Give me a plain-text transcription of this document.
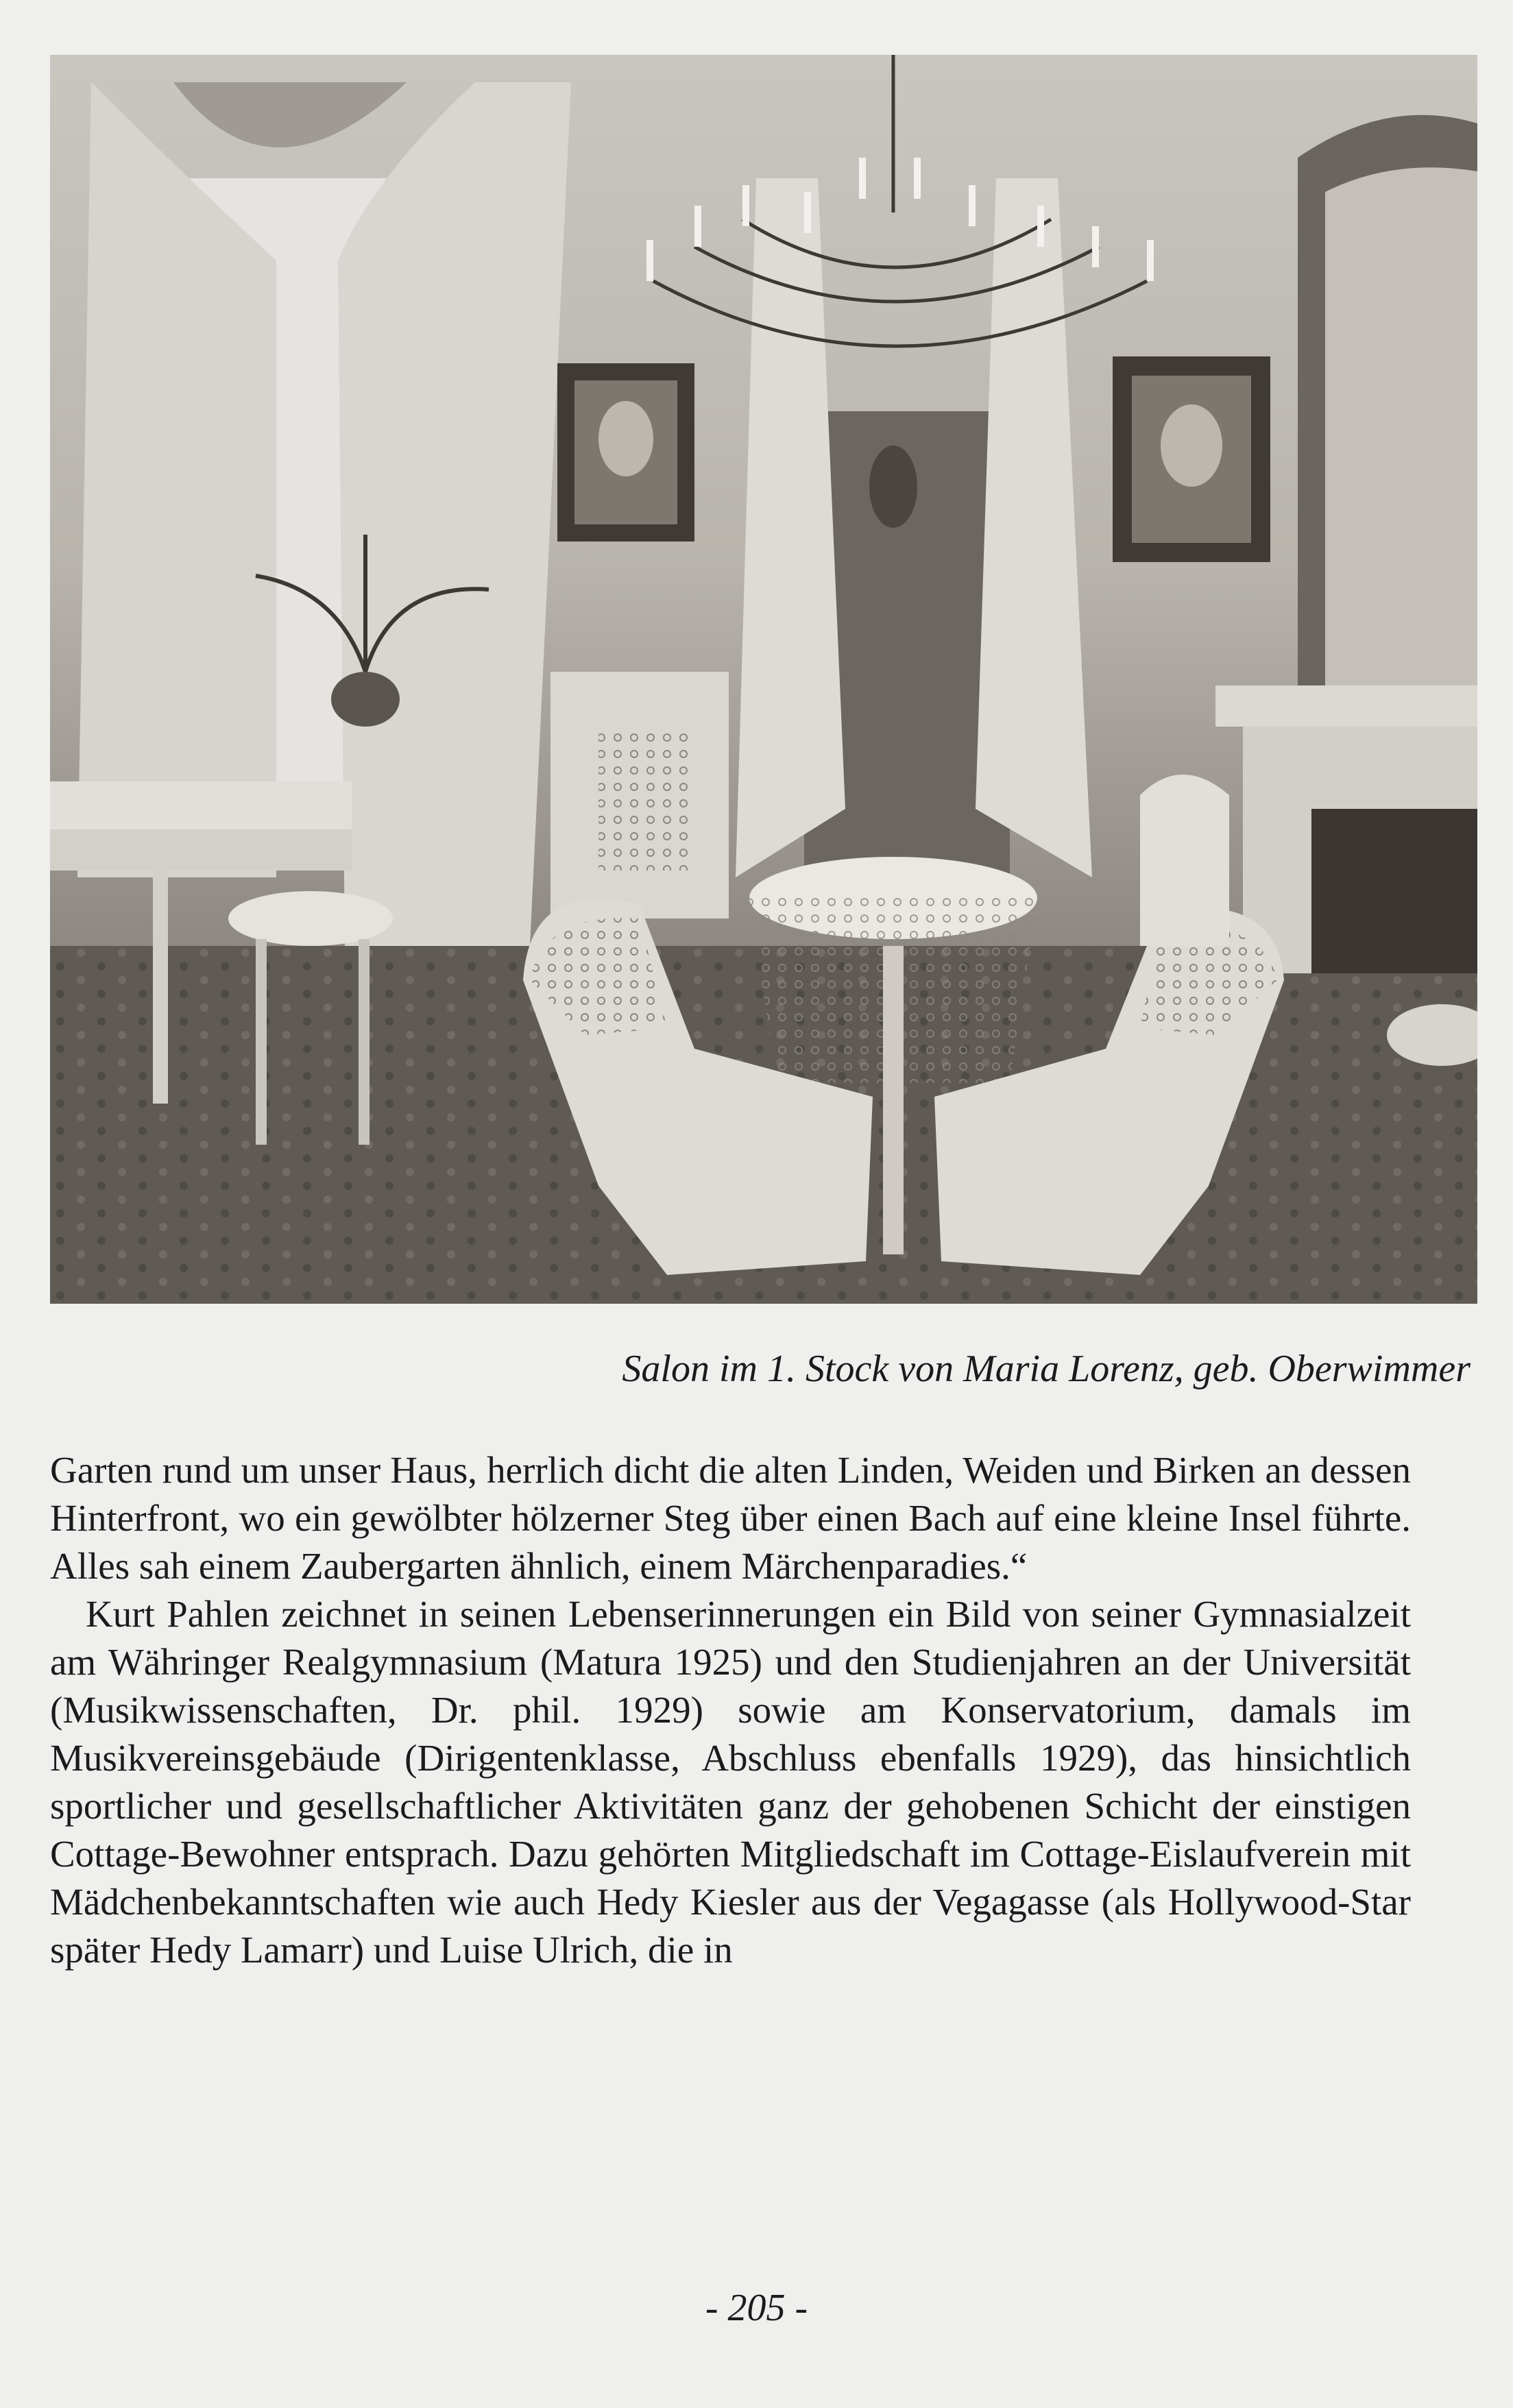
Salon im 1. Stock von Maria Lorenz, geb. Oberwimmer

Garten rund um unser Haus, herrlich dicht die alten Linden, Weiden und Birken an dessen Hinterfront, wo ein gewölbter hölzerner Steg über einen Bach auf eine kleine Insel führte. Alles sah einem Zaubergarten ähnlich, einem Märchenparadies.“

Kurt Pahlen zeichnet in seinen Lebenserinnerungen ein Bild von seiner Gymnasialzeit am Währinger Realgymnasium (Matura 1925) und den Studienjahren an der Universität (Musikwissenschaften, Dr. phil. 1929) sowie am Konservatorium, damals im Musikvereinsgebäude (Dirigentenklasse, Abschluss ebenfalls 1929), das hinsichtlich sportlicher und gesellschaftlicher Aktivitäten ganz der gehobenen Schicht der einstigen Cottage-Bewohner entsprach. Dazu gehörten Mitgliedschaft im Cottage-Eislaufverein mit Mädchenbekanntschaften wie auch Hedy Kiesler aus der Vegagasse (als Hollywood-Star später Hedy Lamarr) und Luise Ulrich, die in

- 205 -
